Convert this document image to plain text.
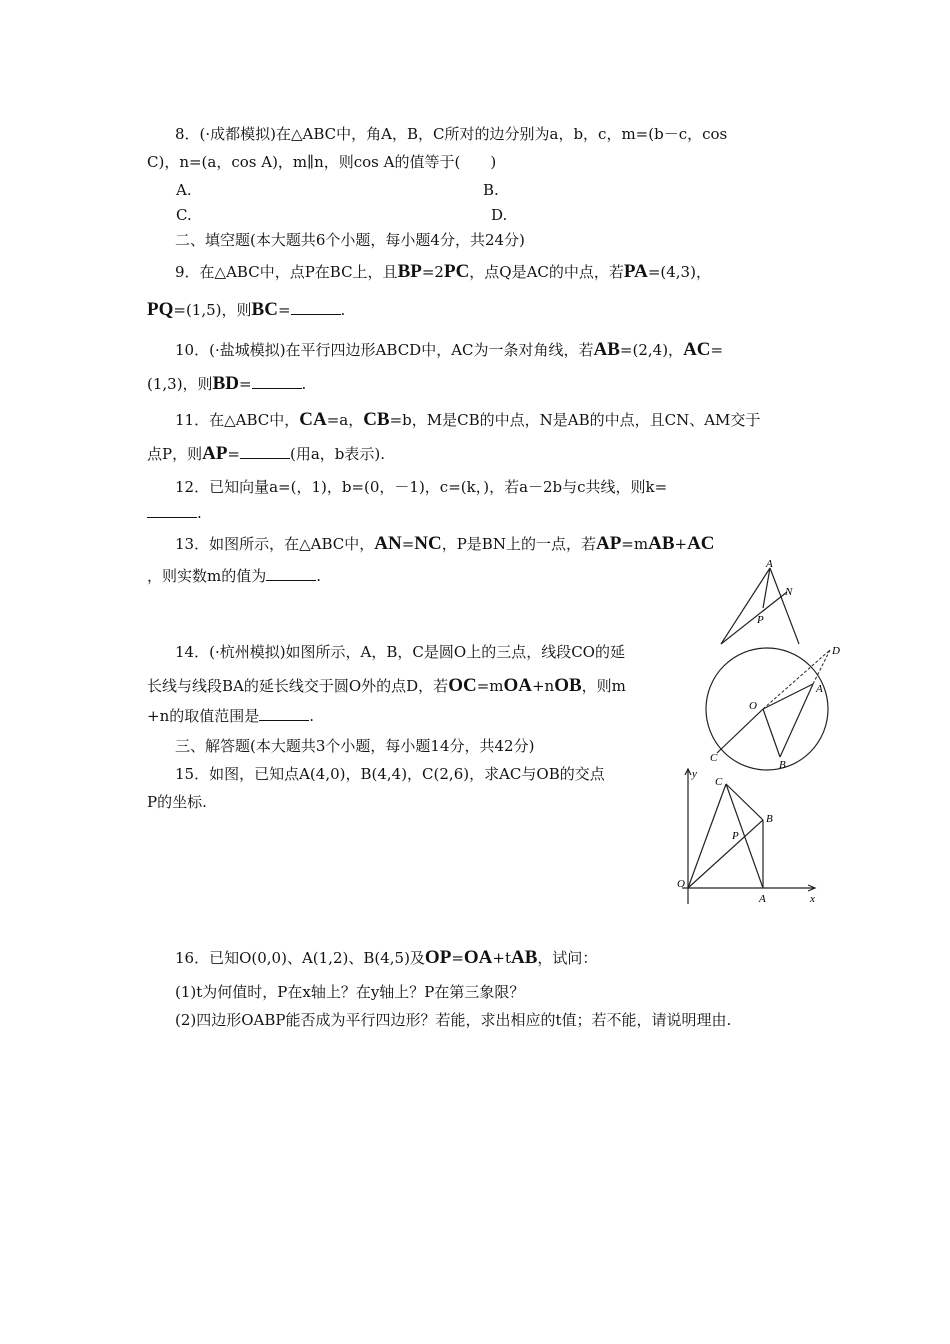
8．(·成都模拟)在△ABC中，角A，B，C所对的边分别为a，b，c，m=(b－c，cos
C)，n=(a，cos A)，m∥n，则cos A的值等于(　　)
A.	B.
C.	D.
二、填空题(本大题共6个小题，每小题4分，共24分)
9．在△ABC中，点P在BC上，且BP=2PC，点Q是AC的中点，若PA=(4,3)，
PQ=(1,5)，则BC=	.
10．(·盐城模拟)在平行四边形ABCD中，AC为一条对角线，若AB=(2,4)，AC=
(1,3)，则BD=	.
11．在△ABC中，CA=a，CB=b，M是CB的中点，N是AB的中点，且CN、AM交于
点P，则AP=	(用a，b表示).
12．已知向量a=(，1)，b=(0，－1)，c=(k，)，若a－2b与c共线，则k=
.
13．如图所示，在△ABC中，AN=NC，P是BN上的一点，若AP=mAB+AC
，则实数m的值为	.
A
N
P
14．(·杭州模拟)如图所示，A，B，C是圆O上的三点，线段CO的延
长线与线段BA的延长线交于圆O外的点D，若OC=mOA+nOB，则m
+n的取值范围是	.
D
A
O
C
B
三、解答题(本大题共3个小题，每小题14分，共42分)
15．如图，已知点A(4,0)，B(4,4)，C(2,6)，求AC与OB的交点
P的坐标.
y
x
C
B
P
O
A
16．已知O(0,0)、A(1,2)、B(4,5)及OP=OA+tAB，试问：
(1)t为何值时，P在x轴上？在y轴上？P在第三象限？
(2)四边形OABP能否成为平行四边形？若能，求出相应的t值；若不能，请说明理由.
